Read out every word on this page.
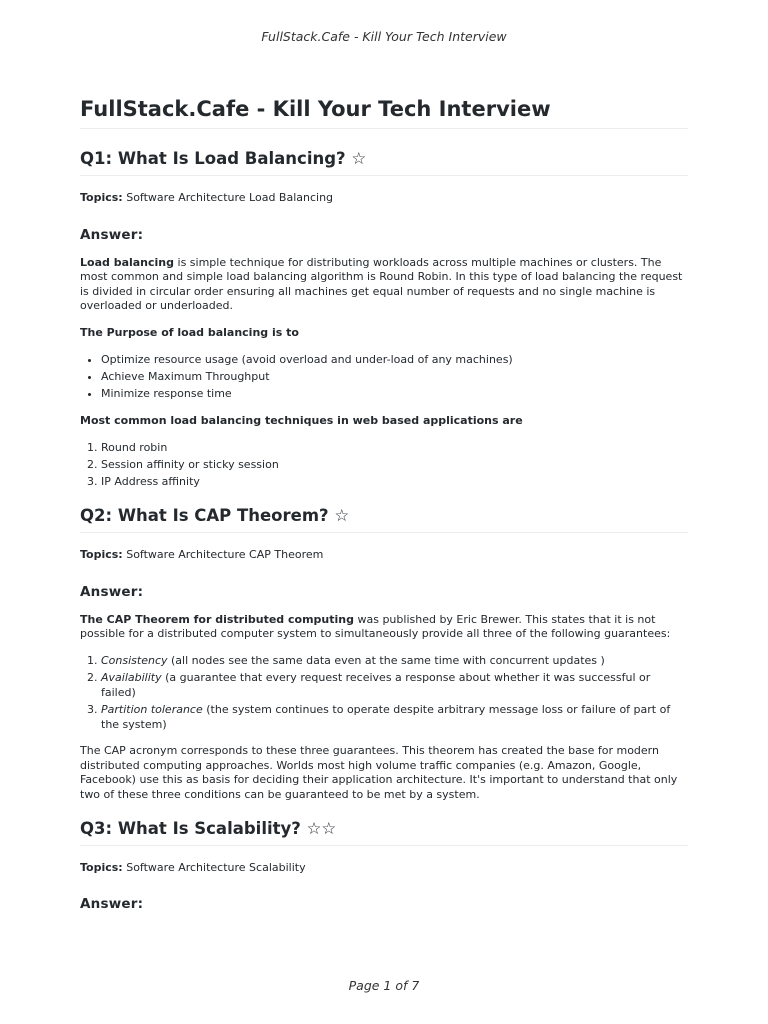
FullStack.Cafe - Kill Your Tech Interview
FullStack.Cafe - Kill Your Tech Interview
Q1: What Is Load Balancing? ☆

Topics: Software Architecture Load Balancing

Answer:

Load balancing is simple technique for distributing workloads across multiple machines or clusters. The most common and simple load balancing algorithm is Round Robin. In this type of load balancing the request is divided in circular order ensuring all machines get equal number of requests and no single machine is overloaded or underloaded.

The Purpose of load balancing is to

• Optimize resource usage (avoid overload and under-load of any machines)
• Achieve Maximum Throughput
• Minimize response time

Most common load balancing techniques in web based applications are

1. Round robin
2. Session affinity or sticky session
3. IP Address affinity
Q2: What Is CAP Theorem? ☆

Topics: Software Architecture CAP Theorem

Answer:

The CAP Theorem for distributed computing was published by Eric Brewer. This states that it is not possible for a distributed computer system to simultaneously provide all three of the following guarantees:

1. Consistency (all nodes see the same data even at the same time with concurrent updates )
2. Availability (a guarantee that every request receives a response about whether it was successful or failed)
3. Partition tolerance (the system continues to operate despite arbitrary message loss or failure of part of the system)

The CAP acronym corresponds to these three guarantees. This theorem has created the base for modern distributed computing approaches. Worlds most high volume traffic companies (e.g. Amazon, Google, Facebook) use this as basis for deciding their application architecture. It's important to understand that only two of these three conditions can be guaranteed to be met by a system.

Q3: What Is Scalability? ☆☆

Topics: Software Architecture Scalability

Answer:
Page 1 of 7
